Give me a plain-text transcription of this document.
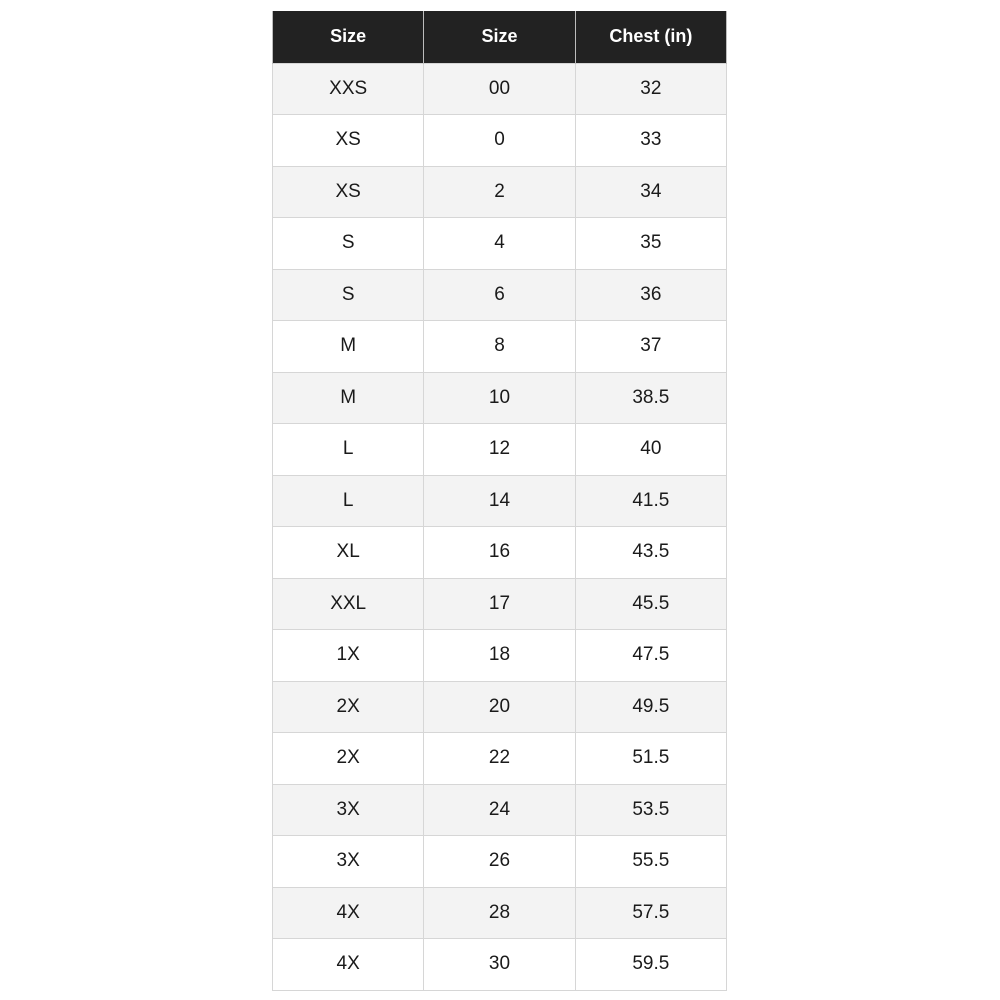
Size	Size	Chest (in)
XXS	00	32
XS	0	33
XS	2	34
S	4	35
S	6	36
M	8	37
M	10	38.5
L	12	40
L	14	41.5
XL	16	43.5
XXL	17	45.5
1X	18	47.5
2X	20	49.5
2X	22	51.5
3X	24	53.5
3X	26	55.5
4X	28	57.5
4X	30	59.5
